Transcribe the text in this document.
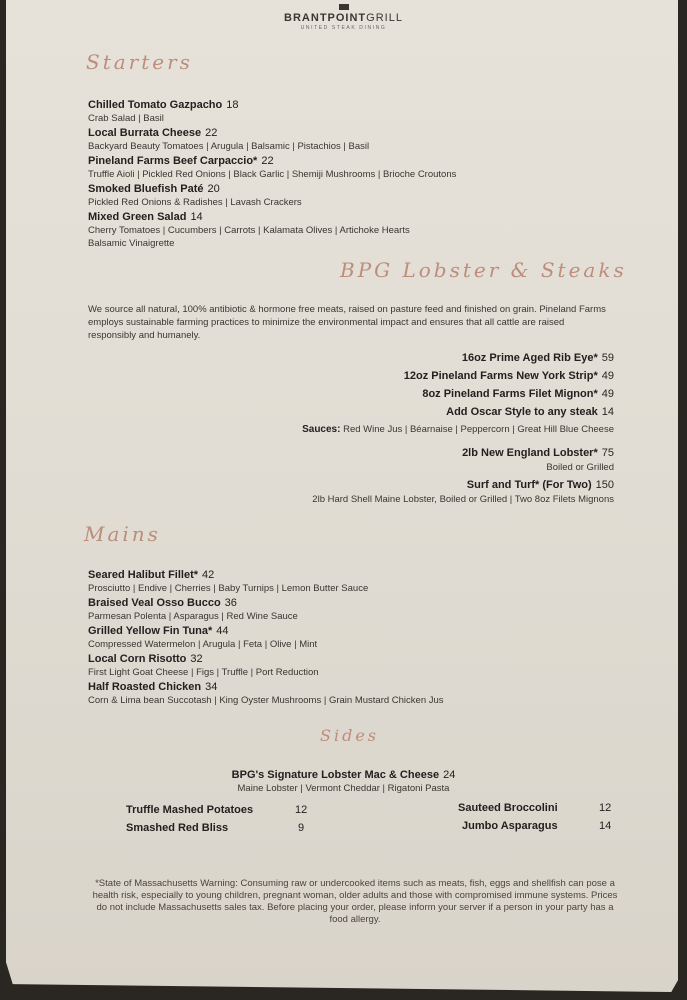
BRANTPOINTGRILL
UNITED STEAK DINING
Starters
Chilled Tomato Gazpacho 18
Crab Salad | Basil
Local Burrata Cheese 22
Backyard Beauty Tomatoes | Arugula | Balsamic | Pistachios | Basil
Pineland Farms Beef Carpaccio* 22
Truffle Aioli | Pickled Red Onions | Black Garlic | Shemiji Mushrooms | Brioche Croutons
Smoked Bluefish Paté 20
Pickled Red Onions & Radishes | Lavash Crackers
Mixed Green Salad 14
Cherry Tomatoes | Cucumbers | Carrots | Kalamata Olives | Artichoke Hearts
Balsamic Vinaigrette
BPG Lobster & Steaks
We source all natural, 100% antibiotic & hormone free meats, raised on pasture feed and finished on grain. Pineland Farms employs sustainable farming practices to minimize the environmental impact and ensures that all cattle are raised responsibly and humanely.
16oz Prime Aged Rib Eye* 59
12oz Pineland Farms New York Strip* 49
8oz Pineland Farms Filet Mignon* 49
Add Oscar Style to any steak 14
Sauces: Red Wine Jus | Béarnaise | Peppercorn | Great Hill Blue Cheese
2lb New England Lobster* 75
Boiled or Grilled
Surf and Turf* (For Two) 150
2lb Hard Shell Maine Lobster, Boiled or Grilled | Two 8oz Filets Mignons
Mains
Seared Halibut Fillet* 42
Prosciutto | Endive | Cherries | Baby Turnips | Lemon Butter Sauce
Braised Veal Osso Bucco 36
Parmesan Polenta | Asparagus | Red Wine Sauce
Grilled Yellow Fin Tuna* 44
Compressed Watermelon | Arugula | Feta | Olive | Mint
Local Corn Risotto 32
First Light Goat Cheese | Figs | Truffle | Port Reduction
Half Roasted Chicken 34
Corn & Lima bean Succotash | King Oyster Mushrooms | Grain Mustard Chicken Jus
Sides
BPG's Signature Lobster Mac & Cheese 24
Maine Lobster | Vermont Cheddar | Rigatoni Pasta
Truffle Mashed Potatoes	12
Smashed Red Bliss	9
Sauteed Broccolini	12
Jumbo Asparagus	14
*State of Massachusetts Warning: Consuming raw or undercooked items such as meats, fish, eggs and shellfish can pose a health risk, especially to young children, pregnant woman, older adults and those with compromised immune systems. Prices do not include Massachusetts sales tax. Before placing your order, please inform your server if a person in your party has a food allergy.
